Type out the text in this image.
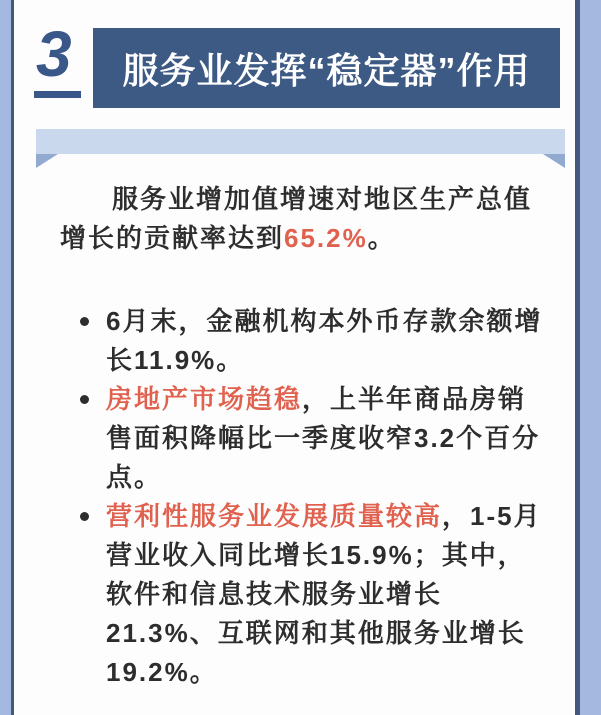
3 服务业发挥“稳定器”作用

服务业增加值增速对地区生产总值增长的贡献率达到65.2%。

6月末，金融机构本外币存款余额增长11.9%。
房地产市场趋稳，上半年商品房销售面积降幅比一季度收窄3.2个百分点。
营利性服务业发展质量较高，1-5月营业收入同比增长15.9%；其中，软件和信息技术服务业增长21.3%、互联网和其他服务业增长19.2%。
